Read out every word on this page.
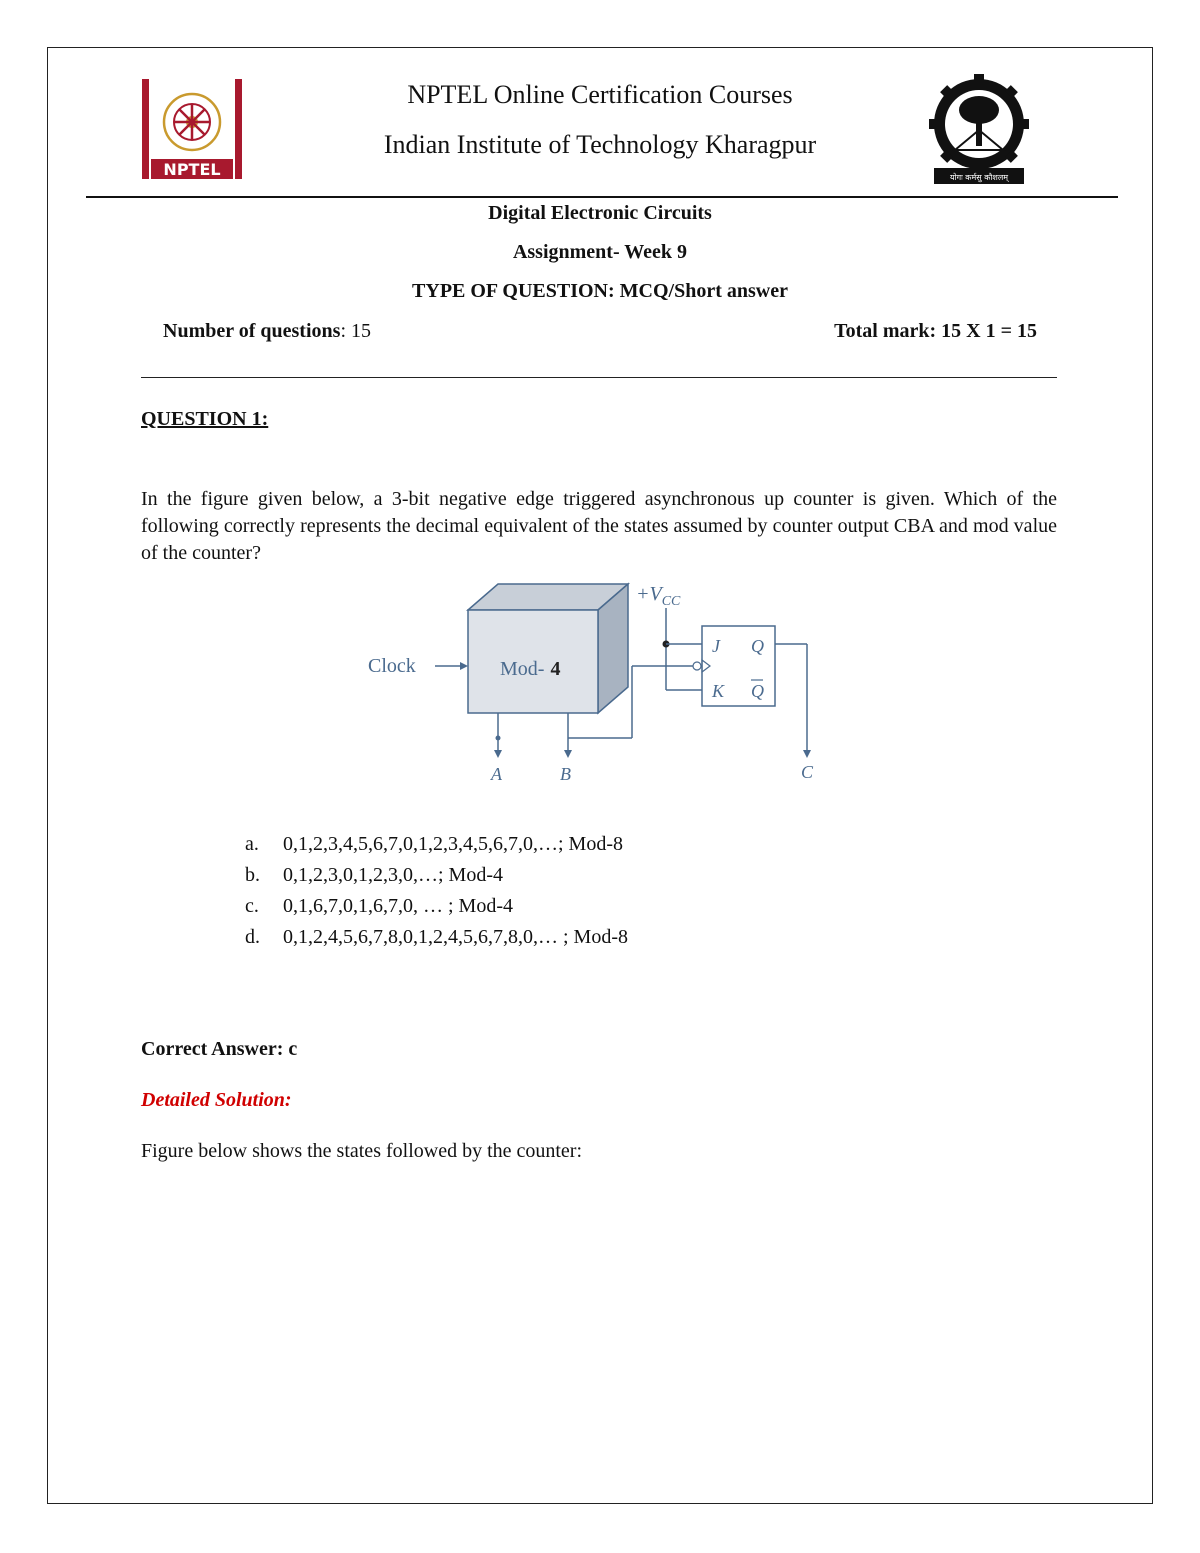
NPTEL
NPTEL Online Certification Courses
Indian Institute of Technology Kharagpur
योगः कर्मसु कौशलम्
Digital Electronic Circuits
Assignment- Week 9
TYPE OF QUESTION: MCQ/Short answer
Number of questions: 15	Total mark: 15 X 1 = 15
QUESTION 1:
In the figure given below, a 3-bit negative edge triggered asynchronous up counter is given. Which of the following correctly represents the decimal equivalent of the states assumed by counter output CBA and mod value of the counter?
Mod- 4
Clock
J
K
Q
Q
$+V_{CC}$
A	B	C
a.	0,1,2,3,4,5,6,7,0,1,2,3,4,5,6,7,0,…; Mod-8
b.	0,1,2,3,0,1,2,3,0,…; Mod-4
c.	0,1,6,7,0,1,6,7,0, … ; Mod-4
d.	0,1,2,4,5,6,7,8,0,1,2,4,5,6,7,8,0,… ; Mod-8
Correct Answer: c
Detailed Solution:
Figure below shows the states followed by the counter:
